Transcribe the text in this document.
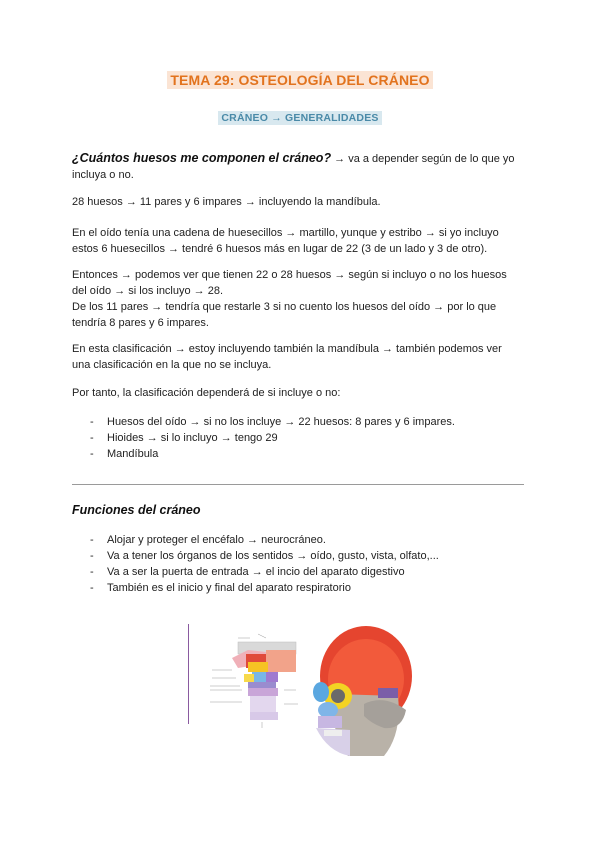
TEMA 29: OSTEOLOGÍA DEL CRÁNEO
CRÁNEO → GENERALIDADES
¿Cuántos huesos me componen el cráneo? → va a depender según de lo que yo
incluya o no.
28 huesos → 11 pares y 6 impares → incluyendo la mandíbula.
En el oído tenía una cadena de huesecillos → martillo, yunque y estribo → si yo incluyo
estos 6 huesecillos → tendré 6 huesos más en lugar de 22 (3 de un lado y 3 de otro).
Entonces → podemos ver que tienen 22 o 28 huesos → según si incluyo o no los huesos
del oído → si los incluyo → 28.
De los 11 pares → tendría que restarle 3 si no cuento los huesos del oído → por lo que
tendría 8 pares y 6 impares.
En esta clasificación → estoy incluyendo también la mandíbula → también podemos ver
una clasificación en la que no se incluya.
Por tanto, la clasificación dependerá de si incluye o no:
- Huesos del oído → si no los incluye → 22 huesos: 8 pares y 6 impares.
- Hioides → si lo incluyo → tengo 29
- Mandíbula
Funciones del cráneo
- Alojar y proteger el encéfalo → neurocráneo.
- Va a tener los órganos de los sentidos → oído, gusto, vista, olfato,...
- Va a ser la puerta de entrada → el incio del aparato digestivo
- También es el inicio y final del aparato respiratorio
